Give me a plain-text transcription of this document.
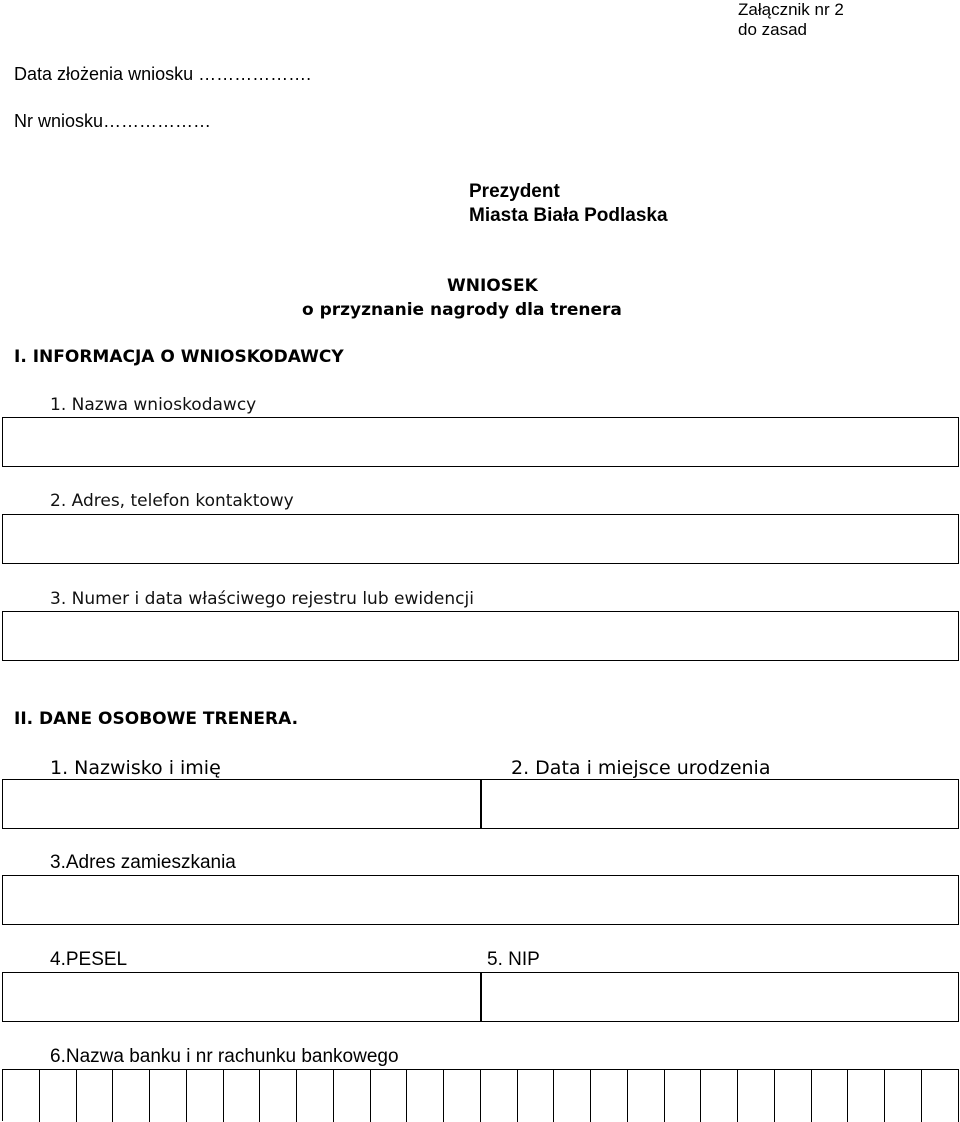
Załącznik nr 2
do zasad
Data złożenia wniosku ……………….
Nr wniosku………………
Prezydent
Miasta Biała Podlaska
WNIOSEK
o przyznanie nagrody dla trenera
I. INFORMACJA O WNIOSKODAWCY
1. Nazwa wnioskodawcy
2. Adres, telefon kontaktowy
3. Numer i data właściwego rejestru lub ewidencji
II. DANE OSOBOWE TRENERA.
1. Nazwisko i imię	2. Data i miejsce urodzenia
3.Adres zamieszkania
4.PESEL	5. NIP
6.Nazwa banku i nr rachunku bankowego
